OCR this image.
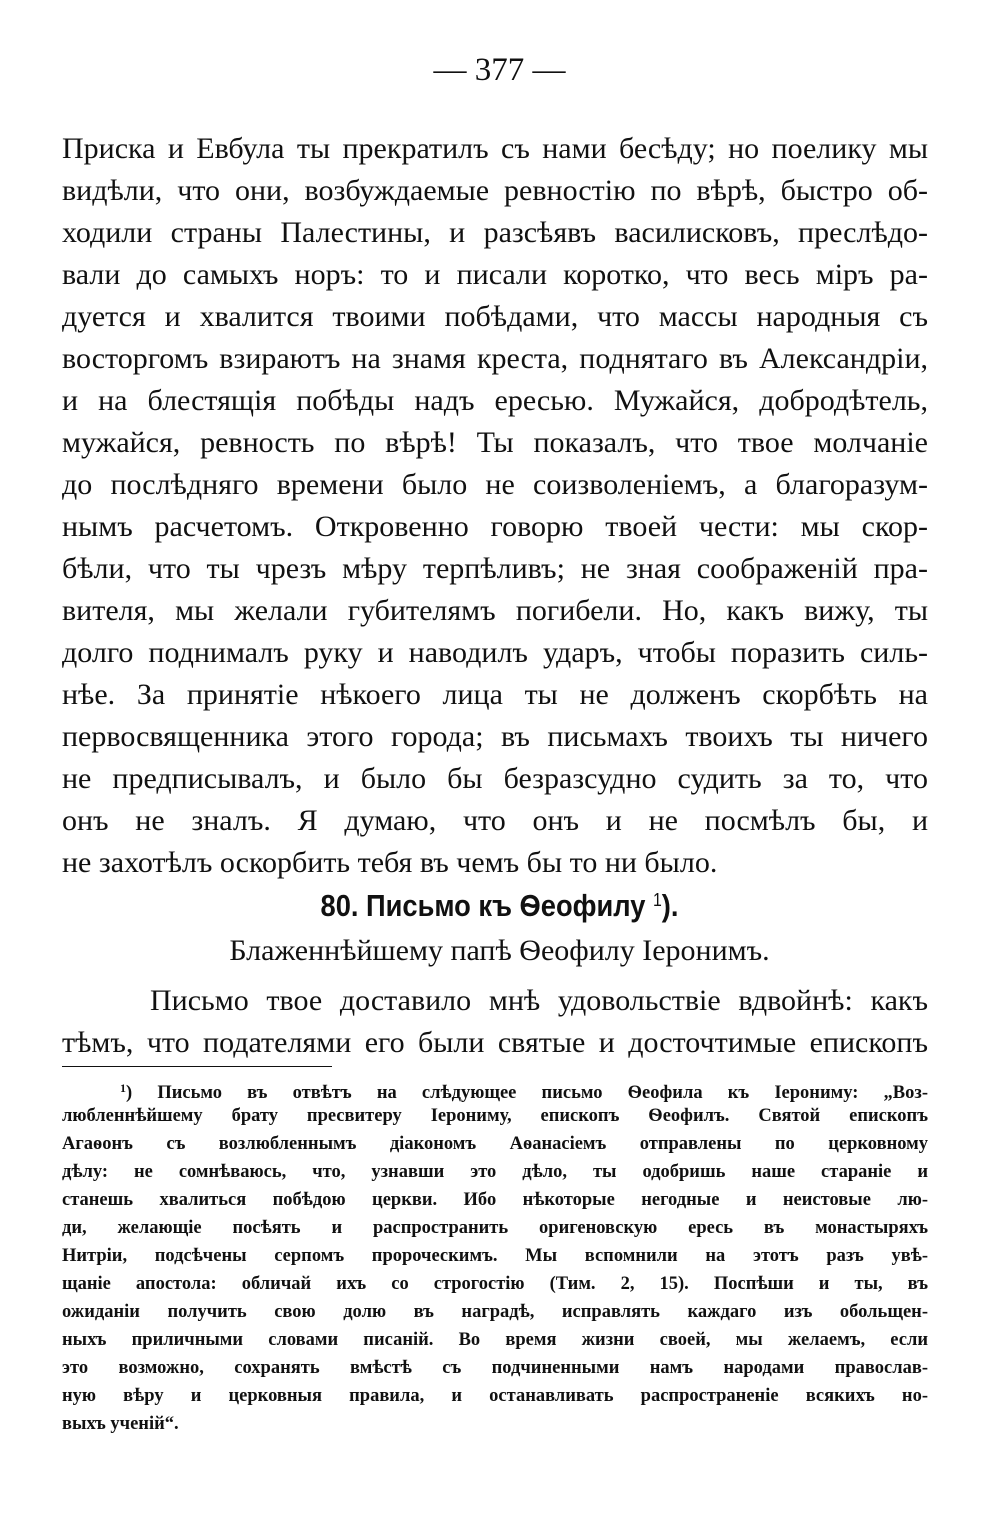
— 377 —
Приска и Евбула ты прекратилъ съ нами бесѣду; но поелику мы
видѣли, что они, возбуждаемые ревностію по вѣрѣ, быстро об-
ходили страны Палестины, и разсѣявъ василисковъ, преслѣдо-
вали до самыхъ норъ: то и писали коротко, что весь міръ ра-
дуется и хвалится твоими побѣдами, что массы народныя съ
восторгомъ взираютъ на знамя креста, поднятаго въ Александріи,
и на блестящія побѣды надъ ересью. Мужайся, добродѣтель,
мужайся, ревность по вѣрѣ! Ты показалъ, что твое молчаніе
до послѣдняго времени было не соизволеніемъ, а благоразум-
нымъ расчетомъ. Откровенно говорю твоей чести: мы скор-
бѣли, что ты чрезъ мѣру терпѣливъ; не зная соображеній пра-
вителя, мы желали губителямъ погибели. Но, какъ вижу, ты
долго поднималъ руку и наводилъ ударъ, чтобы поразить силь-
нѣе. За принятіе нѣкоего лица ты не долженъ скорбѣть на
первосвященника этого города; въ письмахъ твоихъ ты ничего
не предписывалъ, и было бы безразсудно судить за то, что
онъ не зналъ. Я думаю, что онъ и не посмѣлъ бы, и
не захотѣлъ оскорбить тебя въ чемъ бы то ни было.
80. Письмо къ Ѳеофилу $^1$).
Блаженнѣйшему папѣ Ѳеофилу Іеронимъ.
Письмо твое доставило мнѣ удовольствіе вдвойнѣ: какъ
тѣмъ, что подателями его были святые и досточтимые епископъ
$^1$) Письмо въ отвѣтъ на слѣдующее письмо Ѳеофила къ Іерониму: „Воз-
любленнѣйшему брату пресвитеру Іерониму, епископъ Ѳеофилъ. Святой епископъ
Агаѳонъ съ возлюбленнымъ діакономъ Аѳанасіемъ отправлены по церковному
дѣлу: не сомнѣваюсь, что, узнавши это дѣло, ты одобришь наше стараніе и
станешь хвалиться побѣдою церкви. Ибо нѣкоторые негодные и неистовые лю-
ди, желающіе посѣять и распространить оригеновскую ересь въ монастыряхъ
Нитріи, подсѣчены серпомъ пророческимъ. Мы вспомнили на этотъ разъ увѣ-
щаніе апостола: обличай ихъ со строгостію (Тим. 2, 15). Поспѣши и ты, въ
ожиданіи получить свою долю въ наградѣ, исправлять каждаго изъ обольщен-
ныхъ приличными словами писаній. Во время жизни своей, мы желаемъ, если
это возможно, сохранять вмѣстѣ съ подчиненными намъ народами православ-
ную вѣру и церковныя правила, и останавливать распространеніе всякихъ но-
выхъ ученій“.
